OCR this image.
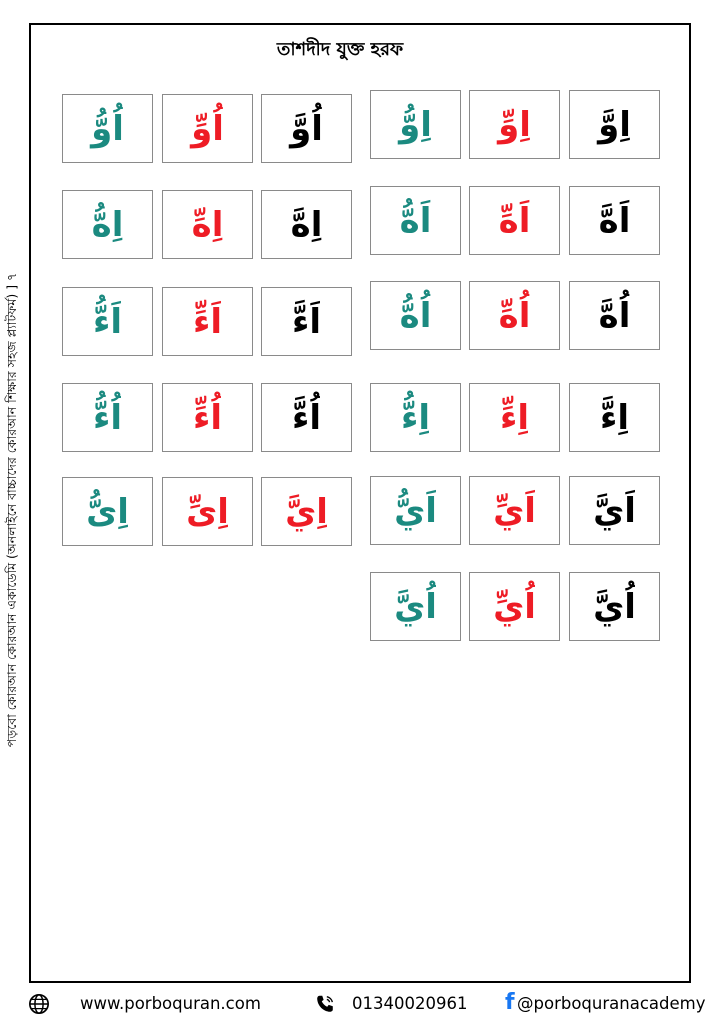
তাশদীদ যুক্ত হরফ
পড়বো কোরআন কোরআন একাডেমি (অনলাইনে বাচ্চাদের কোরআন শিক্ষার সহজ প্ল্যাটফর্ম) ] ৭
اُوُّ اُوِّ اُوَّ اِوُّ اِوِّ اِوَّ
اِهُّ اِهِّ اِهَّ اَهُّ اَهِّ اَهَّ
اَءُّ اَءِّ اَءَّ اُهُّ اُهِّ اُهَّ
اُءُّ اُءِّ اُءَّ اِءُّ اِءِّ اِءَّ
اِىُّ اِىِّ اِيَّ اَيُّ اَيِّ اَيَّ
اُيَّ اُيِّ اُيَّ
www.porboquran.com	01340020961 f @porboquranacademy
